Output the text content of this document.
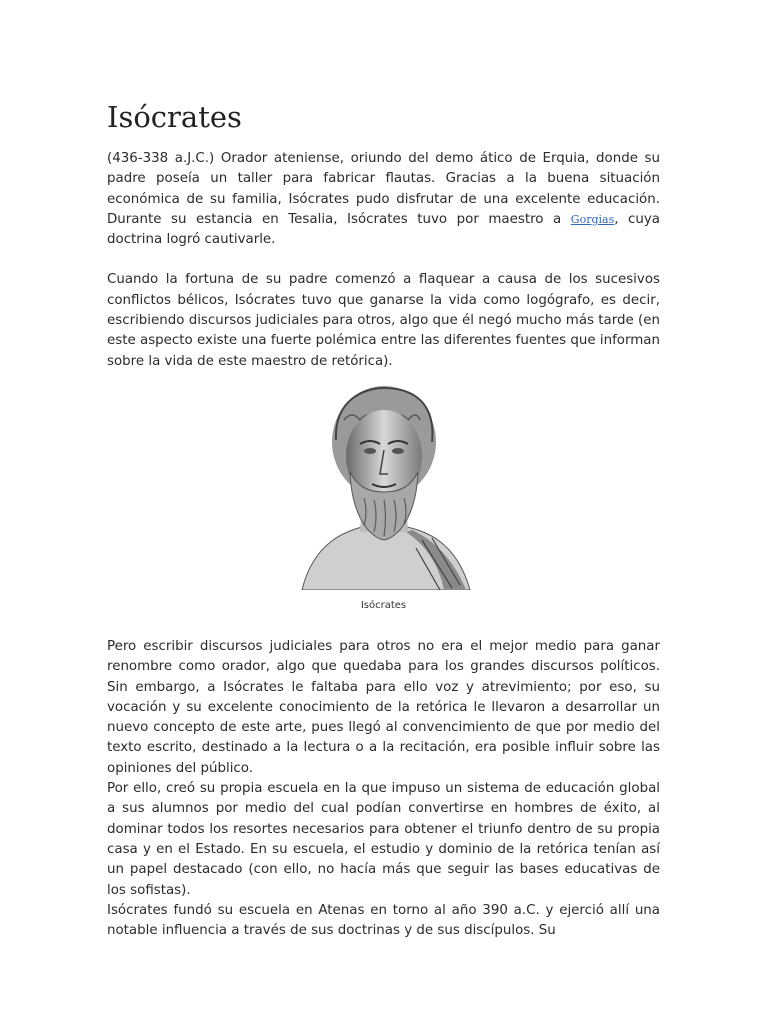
Isócrates

(436-338 a.J.C.) Orador ateniense, oriundo del demo ático de Erquia, donde su padre poseía un taller para fabricar flautas. Gracias a la buena situación económica de su familia, Isócrates pudo disfrutar de una excelente educación. Durante su estancia en Tesalia, Isócrates tuvo por maestro a Gorgias, cuya doctrina logró cautivarle.

Cuando la fortuna de su padre comenzó a flaquear a causa de los sucesivos conflictos bélicos, Isócrates tuvo que ganarse la vida como logógrafo, es decir, escribiendo discursos judiciales para otros, algo que él negó mucho más tarde (en este aspecto existe una fuerte polémica entre las diferentes fuentes que informan sobre la vida de este maestro de retórica).

Isócrates

Pero escribir discursos judiciales para otros no era el mejor medio para ganar renombre como orador, algo que quedaba para los grandes discursos políticos. Sin embargo, a Isócrates le faltaba para ello voz y atrevimiento; por eso, su vocación y su excelente conocimiento de la retórica le llevaron a desarrollar un nuevo concepto de este arte, pues llegó al convencimiento de que por medio del texto escrito, destinado a la lectura o a la recitación, era posible influir sobre las opiniones del público.

Por ello, creó su propia escuela en la que impuso un sistema de educación global a sus alumnos por medio del cual podían convertirse en hombres de éxito, al dominar todos los resortes necesarios para obtener el triunfo dentro de su propia casa y en el Estado. En su escuela, el estudio y dominio de la retórica tenían así un papel destacado (con ello, no hacía más que seguir las bases educativas de los sofistas).

Isócrates fundó su escuela en Atenas en torno al año 390 a.C. y ejerció allí una notable influencia a través de sus doctrinas y de sus discípulos. Su
